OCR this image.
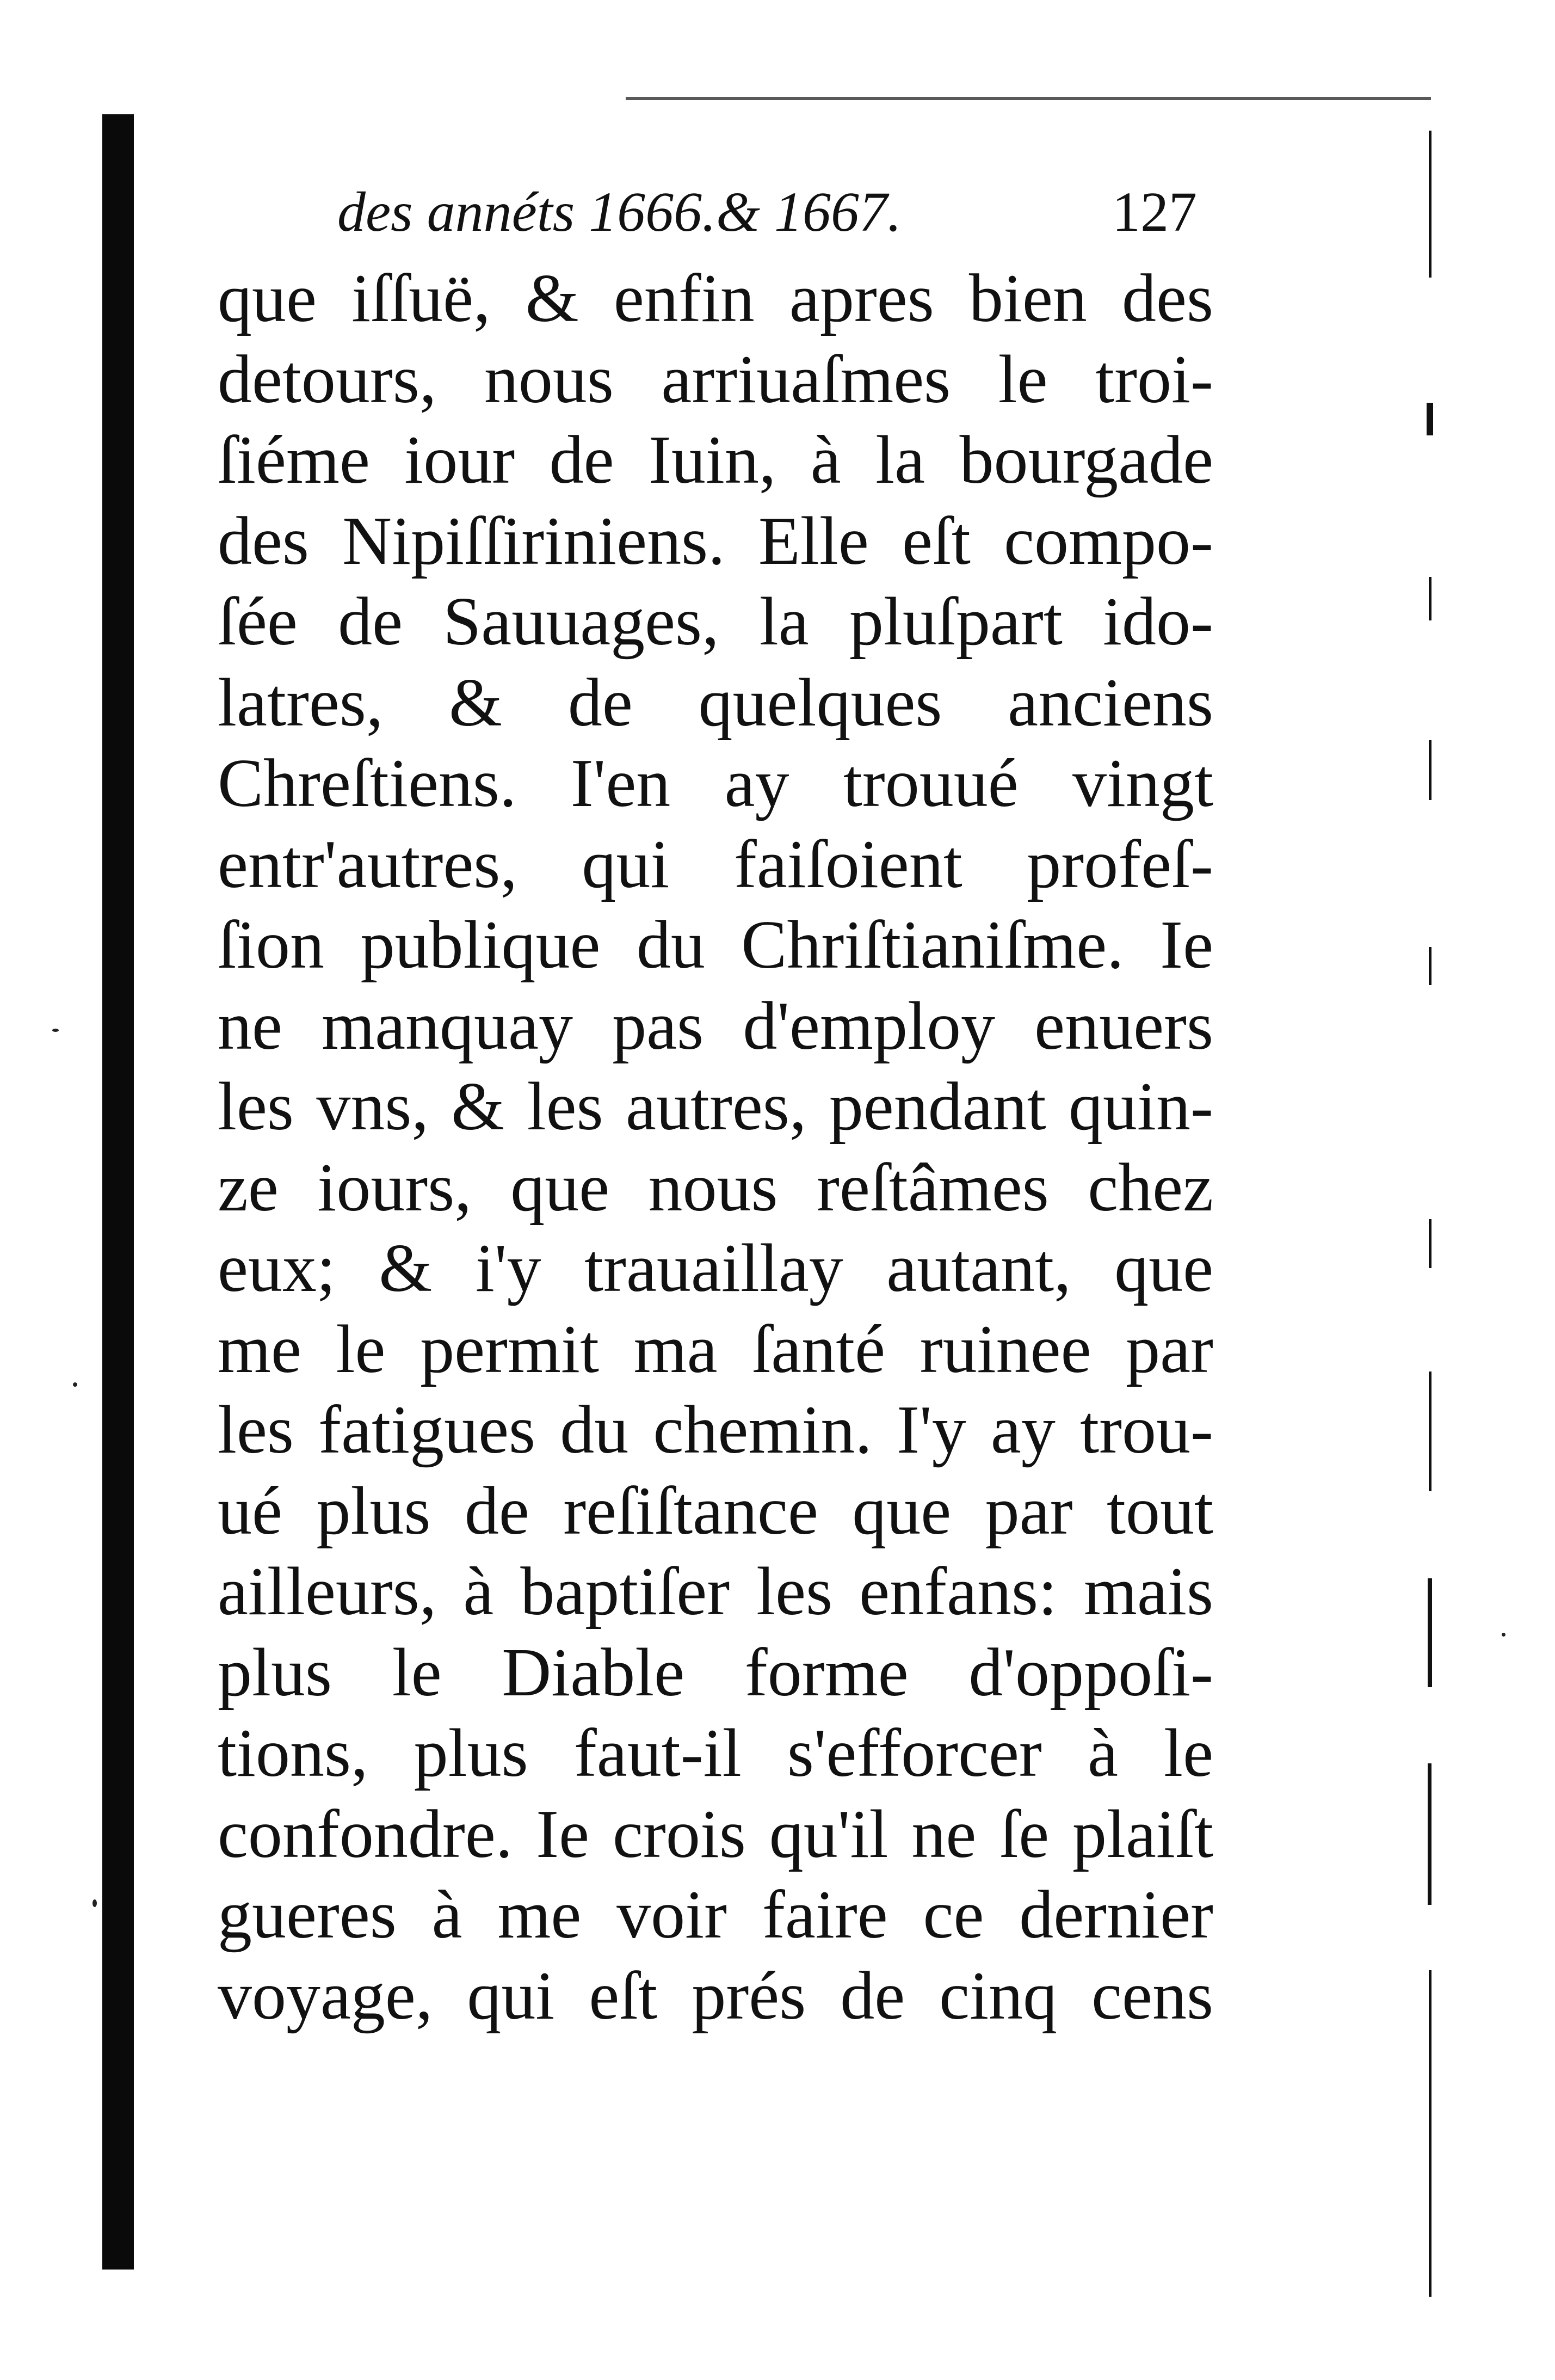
des annéts 1666.& 1667.	127
que iſſuë, & enfin apres bien des
detours, nous arriuaſmes le troi-
ſiéme iour de Iuin, à la bourgade
des Nipiſſiriniens. Elle eſt compo-
ſée de Sauuages, la pluſpart ido-
latres, & de quelques anciens
Chreſtiens. I'en ay trouué vingt
entr'autres, qui faiſoient profeſ-
ſion publique du Chriſtianiſme. Ie
ne manquay pas d'employ enuers
les vns, & les autres, pendant quin-
ze iours, que nous reſtâmes chez
eux; & i'y trauaillay autant, que
me le permit ma ſanté ruinee par
les fatigues du chemin. I'y ay trou-
ué plus de reſiſtance que par tout
ailleurs, à baptiſer les enfans: mais
plus le Diable forme d'oppoſi-
tions, plus faut-il s'efforcer à le
confondre. Ie crois qu'il ne ſe plaiſt
gueres à me voir faire ce dernier
voyage, qui eſt prés de cinq cens
